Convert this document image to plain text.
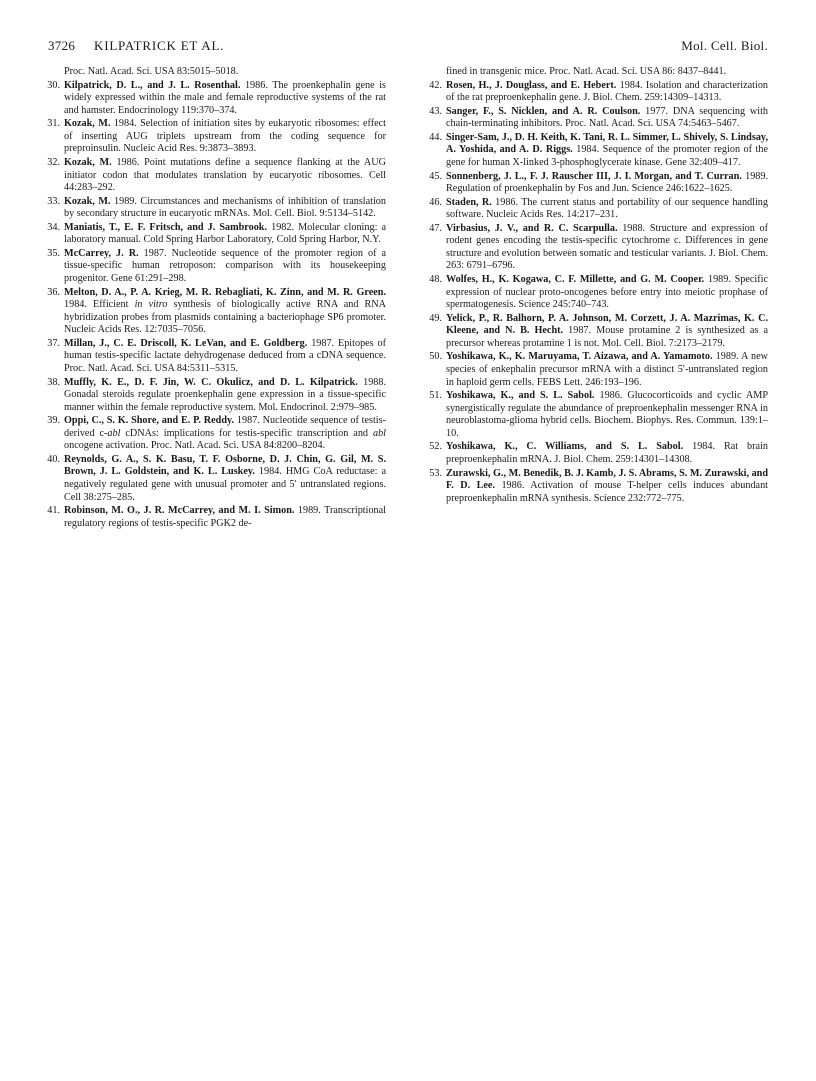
3726 KILPATRICK ET AL.	Mol. Cell. Biol.
Proc. Natl. Acad. Sci. USA 83:5015–5018.
30. Kilpatrick, D. L., and J. L. Rosenthal. 1986. The proenkephalin gene is widely expressed within the male and female reproductive systems of the rat and hamster. Endocrinology 119:370–374.
31. Kozak, M. 1984. Selection of initiation sites by eukaryotic ribosomes: effect of inserting AUG triplets upstream from the coding sequence for preproinsulin. Nucleic Acid Res. 9:3873–3893.
32. Kozak, M. 1986. Point mutations define a sequence flanking at the AUG initiator codon that modulates translation by eucaryotic ribosomes. Cell 44:283–292.
33. Kozak, M. 1989. Circumstances and mechanisms of inhibition of translation by secondary structure in eucaryotic mRNAs. Mol. Cell. Biol. 9:5134–5142.
34. Maniatis, T., E. F. Fritsch, and J. Sambrook. 1982. Molecular cloning: a laboratory manual. Cold Spring Harbor Laboratory, Cold Spring Harbor, N.Y.
35. McCarrey, J. R. 1987. Nucleotide sequence of the promoter region of a tissue-specific human retroposon: comparison with its housekeeping progenitor. Gene 61:291–298.
36. Melton, D. A., P. A. Krieg, M. R. Rebagliati, K. Zinn, and M. R. Green. 1984. Efficient in vitro synthesis of biologically active RNA and RNA hybridization probes from plasmids containing a bacteriophage SP6 promoter. Nucleic Acids Res. 12:7035–7056.
37. Millan, J., C. E. Driscoll, K. LeVan, and E. Goldberg. 1987. Epitopes of human testis-specific lactate dehydrogenase deduced from a cDNA sequence. Proc. Natl. Acad. Sci. USA 84:5311–5315.
38. Muffly, K. E., D. F. Jin, W. C. Okulicz, and D. L. Kilpatrick. 1988. Gonadal steroids regulate proenkephalin gene expression in a tissue-specific manner within the female reproductive system. Mol. Endocrinol. 2:979–985.
39. Oppi, C., S. K. Shore, and E. P. Reddy. 1987. Nucleotide sequence of testis-derived c-abl cDNAs: implications for testis-specific transcription and abl oncogene activation. Proc. Natl. Acad. Sci. USA 84:8200–8204.
40. Reynolds, G. A., S. K. Basu, T. F. Osborne, D. J. Chin, G. Gil, M. S. Brown, J. L. Goldstein, and K. L. Luskey. 1984. HMG CoA reductase: a negatively regulated gene with unusual promoter and 5′ untranslated regions. Cell 38:275–285.
41. Robinson, M. O., J. R. McCarrey, and M. I. Simon. 1989. Transcriptional regulatory regions of testis-specific PGK2 de-
fined in transgenic mice. Proc. Natl. Acad. Sci. USA 86: 8437–8441.
42. Rosen, H., J. Douglass, and E. Hebert. 1984. Isolation and characterization of the rat preproenkephalin gene. J. Biol. Chem. 259:14309–14313.
43. Sanger, F., S. Nicklen, and A. R. Coulson. 1977. DNA sequencing with chain-terminating inhibitors. Proc. Natl. Acad. Sci. USA 74:5463–5467.
44. Singer-Sam, J., D. H. Keith, K. Tani, R. L. Simmer, L. Shively, S. Lindsay, A. Yoshida, and A. D. Riggs. 1984. Sequence of the promoter region of the gene for human X-linked 3-phosphoglycerate kinase. Gene 32:409–417.
45. Sonnenberg, J. L., F. J. Rauscher III, J. I. Morgan, and T. Curran. 1989. Regulation of proenkephalin by Fos and Jun. Science 246:1622–1625.
46. Staden, R. 1986. The current status and portability of our sequence handling software. Nucleic Acids Res. 14:217–231.
47. Virbasius, J. V., and R. C. Scarpulla. 1988. Structure and expression of rodent genes encoding the testis-specific cytochrome c. Differences in gene structure and evolution between somatic and testicular variants. J. Biol. Chem. 263: 6791–6796.
48. Wolfes, H., K. Kogawa, C. F. Millette, and G. M. Cooper. 1989. Specific expression of nuclear proto-oncogenes before entry into meiotic prophase of spermatogenesis. Science 245:740–743.
49. Yelick, P., R. Balhorn, P. A. Johnson, M. Corzett, J. A. Mazrimas, K. C. Kleene, and N. B. Hecht. 1987. Mouse protamine 2 is synthesized as a precursor whereas protamine 1 is not. Mol. Cell. Biol. 7:2173–2179.
50. Yoshikawa, K., K. Maruyama, T. Aizawa, and A. Yamamoto. 1989. A new species of enkephalin precursor mRNA with a distinct 5′-untranslated region in haploid germ cells. FEBS Lett. 246:193–196.
51. Yoshikawa, K., and S. L. Sabol. 1986. Glucocorticoids and cyclic AMP synergistically regulate the abundance of preproenkephalin messenger RNA in neuroblastoma-glioma hybrid cells. Biochem. Biophys. Res. Commun. 139:1–10.
52. Yoshikawa, K., C. Williams, and S. L. Sabol. 1984. Rat brain preproenkephalin mRNA. J. Biol. Chem. 259:14301–14308.
53. Zurawski, G., M. Benedik, B. J. Kamb, J. S. Abrams, S. M. Zurawski, and F. D. Lee. 1986. Activation of mouse T-helper cells induces abundant preproenkephalin mRNA synthesis. Science 232:772–775.
